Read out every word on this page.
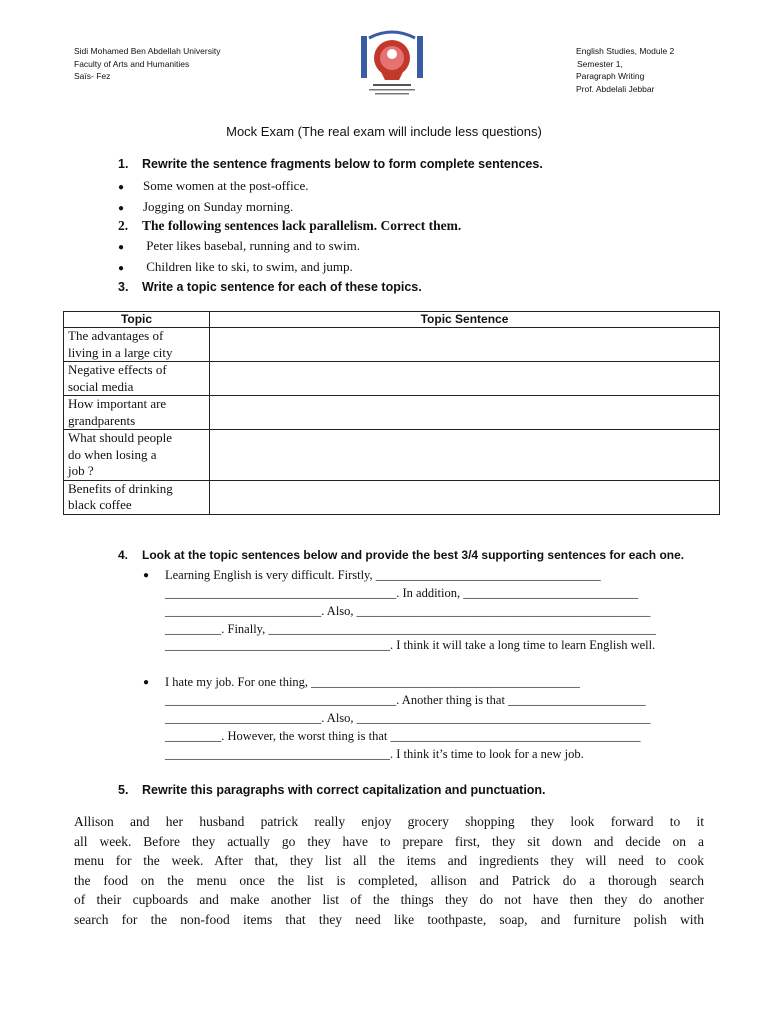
Sidi Mohamed Ben Abdellah University
Faculty of Arts and Humanities
Saïs- Fez
English Studies, Module 2
Semester 1,
Paragraph Writing
Prof. Abdelali Jebbar
Mock Exam (The real exam will include less questions)
1. Rewrite the sentence fragments below to form complete sentences.
● Some women at the post-office.
● Jogging on Sunday morning.
2. The following sentences lack parallelism. Correct them.
● Peter likes basebal, running and to swim.
● Children like to ski, to swim, and jump.
3. Write a topic sentence for each of these topics.
Topic	Topic Sentence

The advantages of
living in a large city	

Negative effects of
social media	

How important are
grandparents	

What should people
do when losing a
job ?	

Benefits of drinking
black coffee	

4. Look at the topic sentences below and provide the best 3/4 supporting sentences for each one.
● Learning English is very difficult. Firstly, ____________________________________
_____________________________________. In addition, ____________________________
_________________________. Also, _______________________________________________
_________. Finally, ______________________________________________________________
____________________________________. I think it will take a long time to learn English well.
● I hate my job. For one thing, ___________________________________________
_____________________________________. Another thing is that ______________________
_________________________. Also, _______________________________________________
_________. However, the worst thing is that ________________________________________
____________________________________. I think it’s time to look for a new job.
5. Rewrite this paragraphs with correct capitalization and punctuation.
Allison and her husband patrick really enjoy grocery shopping they look forward to it
all week. Before they actually go they have to prepare first, they sit down and decide on a
menu for the week. After that, they list all the items and ingredients they will need to cook
the food on the menu once the list is completed, allison and Patrick do a thorough search
of their cupboards and make another list of the things they do not have then they do another
search for the non-food items that they need like toothpaste, soap, and furniture polish with
